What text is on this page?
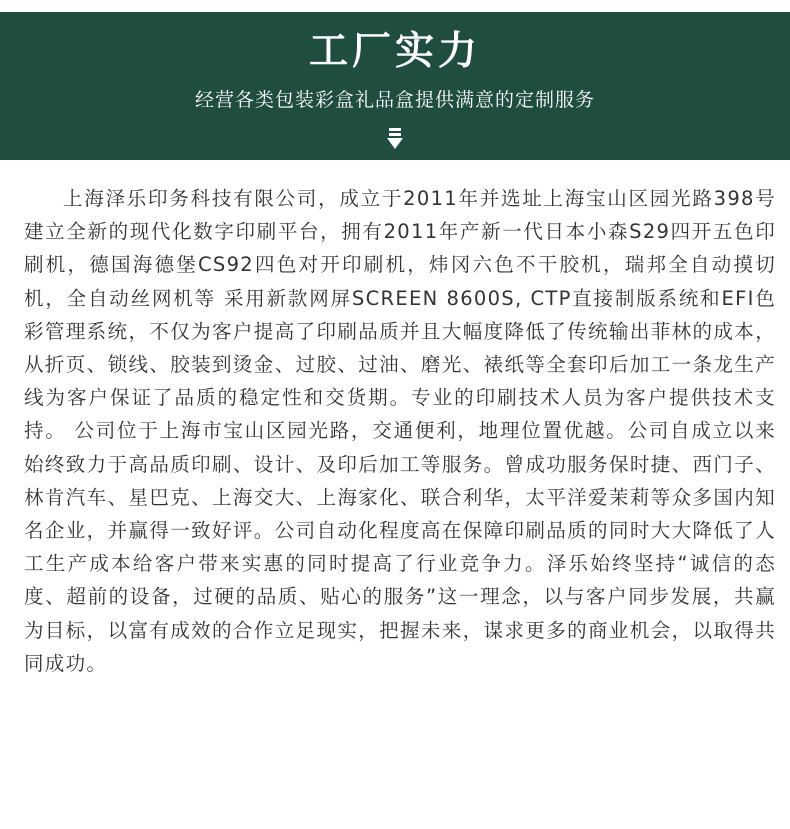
工厂实力

经营各类包装彩盒礼品盒提供满意的定制服务

上海泽乐印务科技有限公司，成立于2011年并选址上海宝山区园光路398号建立全新的现代化数字印刷平台，拥有2011年产新一代日本小森S29四开五色印刷机，德国海德堡CS92四色对开印刷机，炜冈六色不干胶机，瑞邦全自动摸切机，全自动丝网机等 采用新款网屏SCREEN 8600S, CTP直接制版系统和EFI色彩管理系统，不仅为客户提高了印刷品质并且大幅度降低了传统输出菲林的成本，从折页、锁线、胶装到烫金、过胶、过油、磨光、裱纸等全套印后加工一条龙生产线为客户保证了品质的稳定性和交货期。专业的印刷技术人员为客户提供技术支持。 公司位于上海市宝山区园光路，交通便利，地理位置优越。公司自成立以来始终致力于高品质印刷、设计、及印后加工等服务。曾成功服务保时捷、西门子、林肯汽车、星巴克、上海交大、上海家化、联合利华，太平洋爱茉莉等众多国内知名企业，并赢得一致好评。公司自动化程度高在保障印刷品质的同时大大降低了人工生产成本给客户带来实惠的同时提高了行业竞争力。泽乐始终坚持“诚信的态度、超前的设备，过硬的品质、贴心的服务”这一理念，以与客户同步发展，共赢为目标，以富有成效的合作立足现实，把握未来，谋求更多的商业机会，以取得共同成功。
